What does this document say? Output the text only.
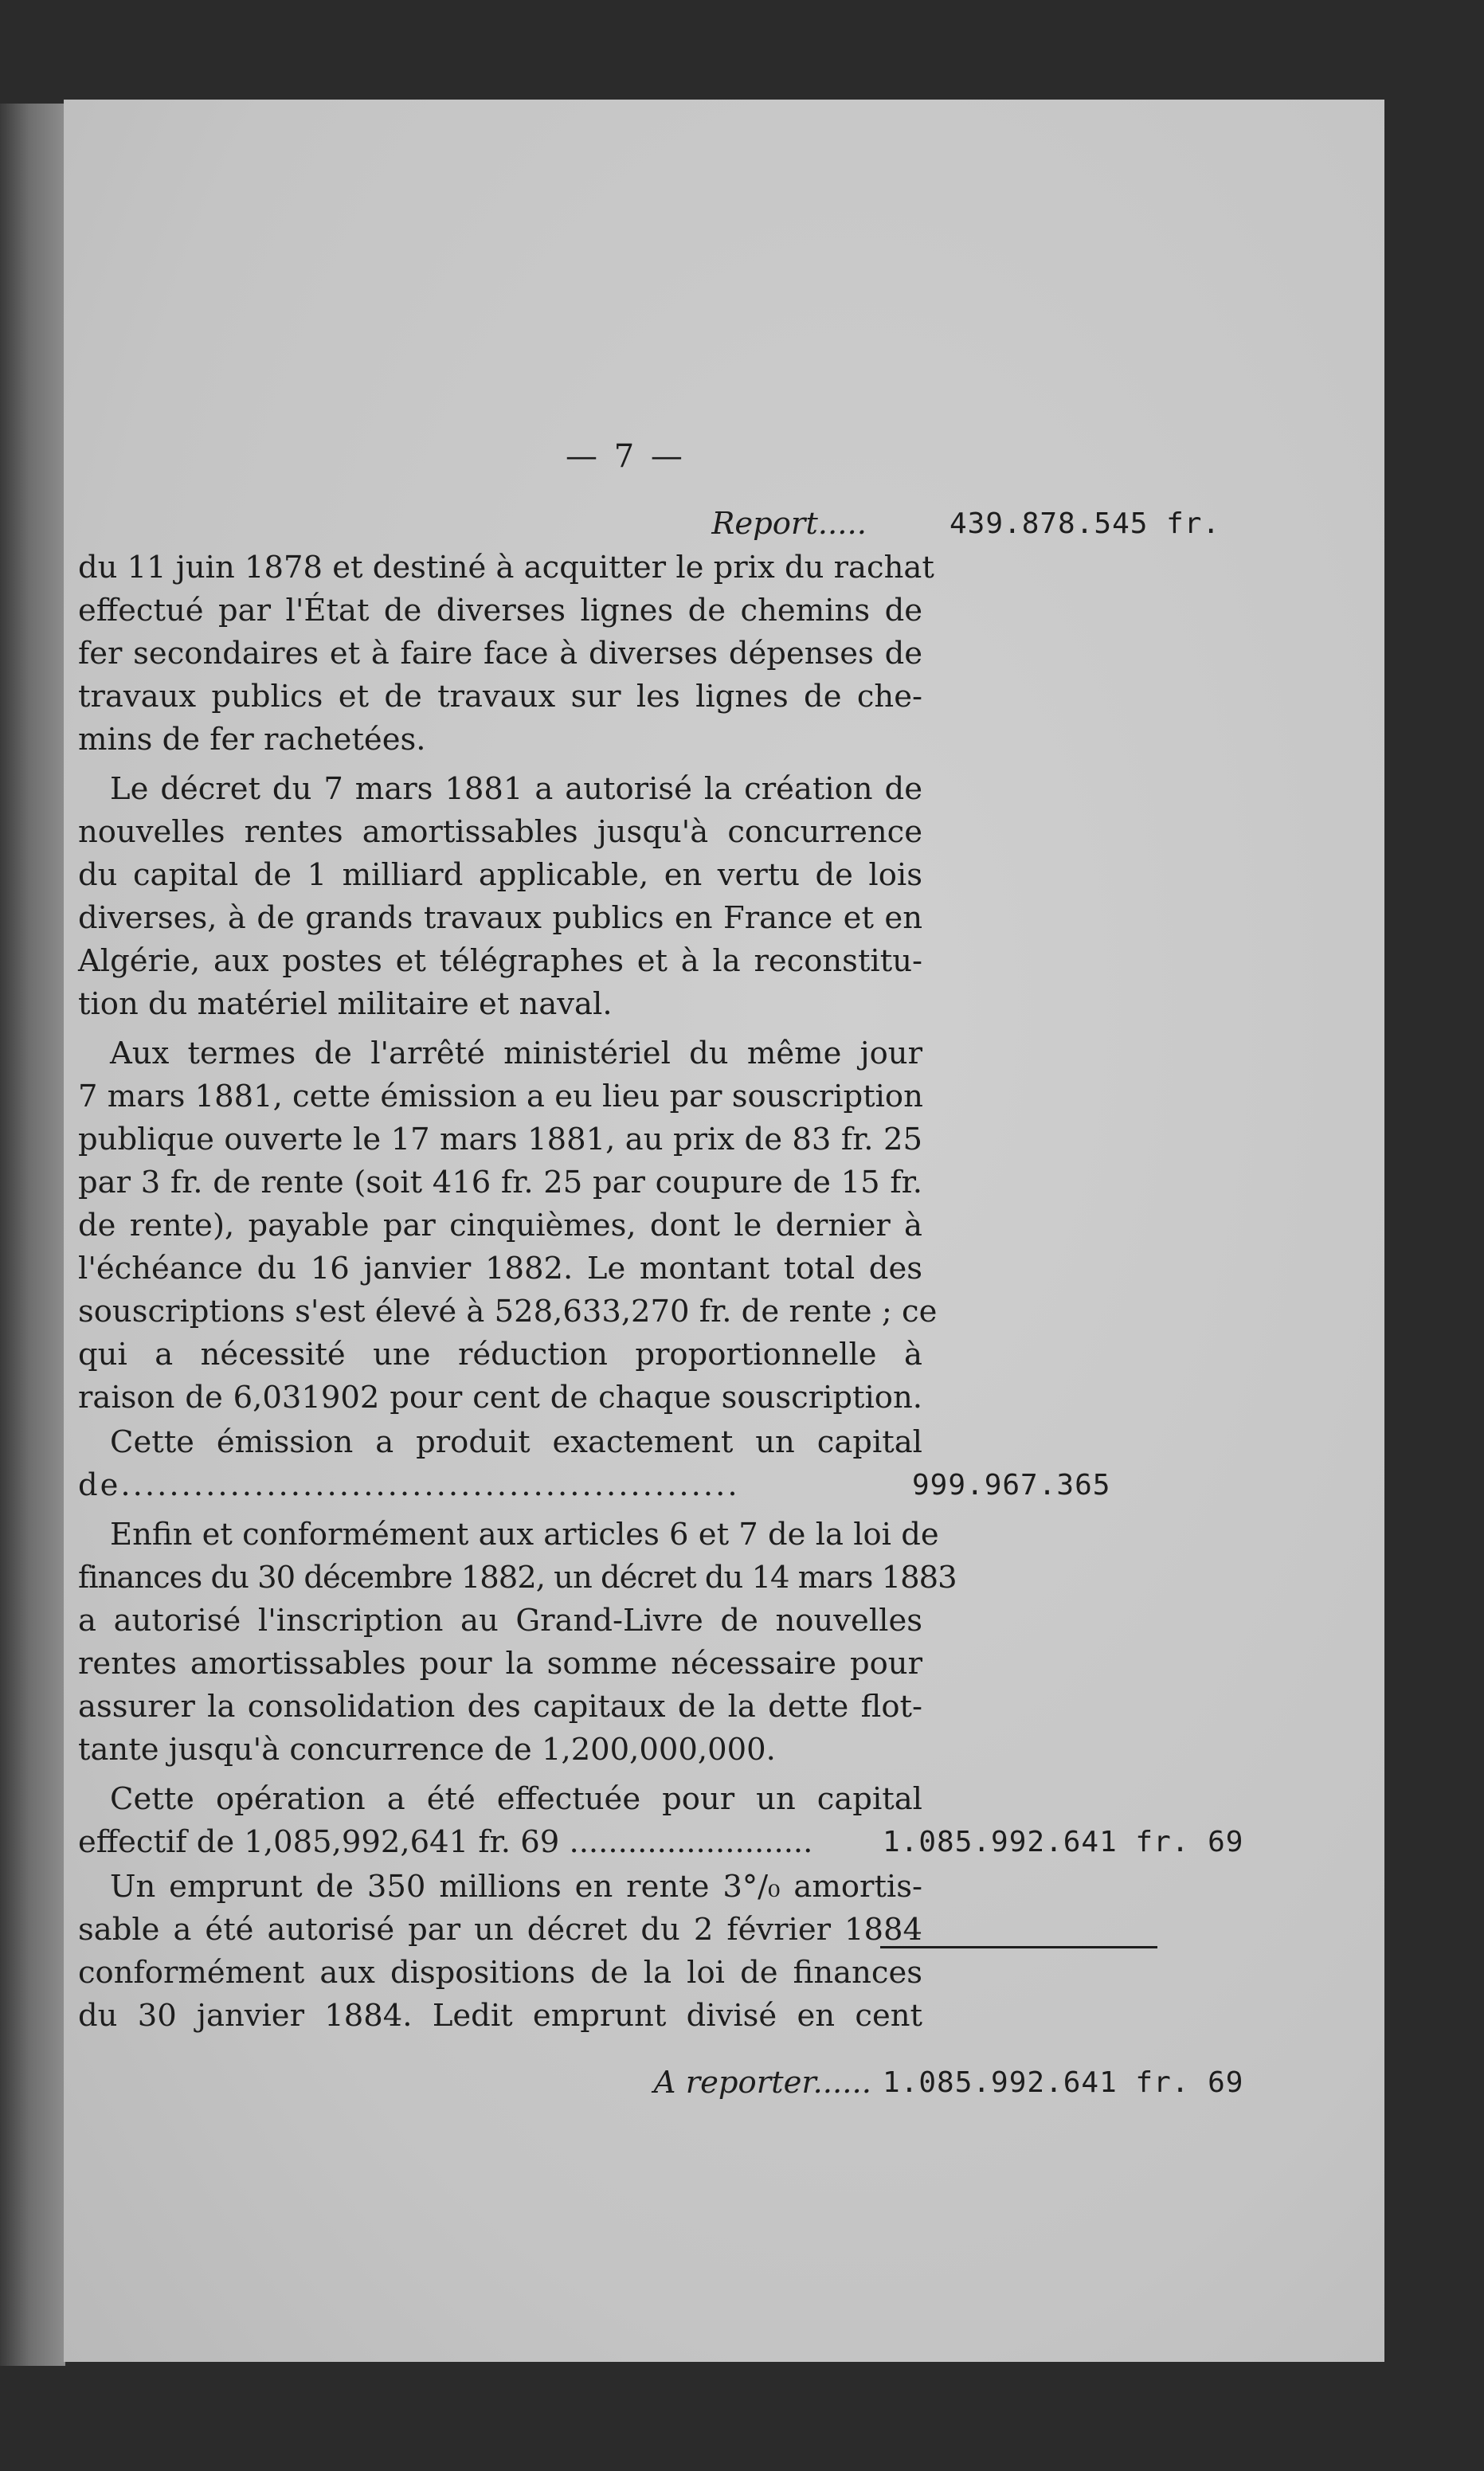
— 7 —
Report.....	439.878.545 fr.
du 11 juin 1878 et destiné à acquitter le prix du rachat
effectué par l'État de diverses lignes de chemins de
fer secondaires et à faire face à diverses dépenses de
travaux publics et de travaux sur les lignes de che-
mins de fer rachetées.
Le décret du 7 mars 1881 a autorisé la création de
nouvelles rentes amortissables jusqu'à concurrence
du capital de 1 milliard applicable, en vertu de lois
diverses, à de grands travaux publics en France et en
Algérie, aux postes et télégraphes et à la reconstitu-
tion du matériel militaire et naval.
Aux termes de l'arrêté ministériel du même jour
7 mars 1881, cette émission a eu lieu par souscription
publique ouverte le 17 mars 1881, au prix de 83 fr. 25
par 3 fr. de rente (soit 416 fr. 25 par coupure de 15 fr.
de rente), payable par cinquièmes, dont le dernier à
l'échéance du 16 janvier 1882. Le montant total des
souscriptions s'est élevé à 528,633,270 fr. de rente ; ce
qui a nécessité une réduction proportionnelle à
raison de 6,031902 pour cent de chaque souscription.
Cette émission a produit exactement un capital
de...................................................	999.967.365
Enfin et conformément aux articles 6 et 7 de la loi de
finances du 30 décembre 1882, un décret du 14 mars 1883
a autorisé l'inscription au Grand-Livre de nouvelles
rentes amortissables pour la somme nécessaire pour
assurer la consolidation des capitaux de la dette flot-
tante jusqu'à concurrence de 1,200,000,000.
Cette opération a été effectuée pour un capital
effectif de 1,085,992,641 fr. 69 .........................	1.085.992.641 fr. 69
Un emprunt de 350 millions en rente 3°/₀ amortis-
sable a été autorisé par un décret du 2 février 1884
conformément aux dispositions de la loi de finances
du 30 janvier 1884. Ledit emprunt divisé en cent
A reporter...... 1.085.992.641 fr. 69
